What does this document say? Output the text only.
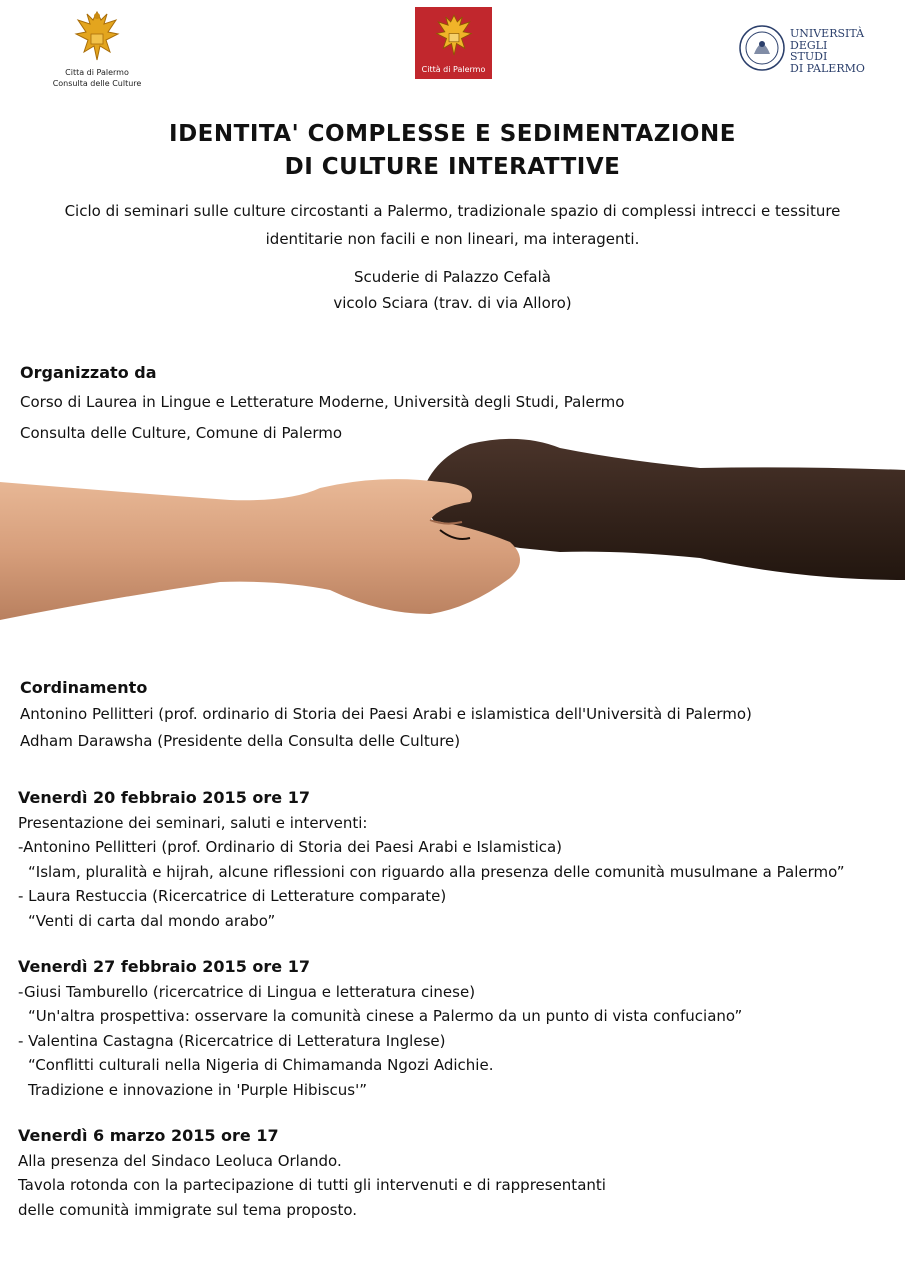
Citta di Palermo
Consulta delle Culture
Città di Palermo
UNIVERSITÀ
DEGLI STUDI
DI PALERMO
IDENTITA' COMPLESSE E SEDIMENTAZIONE
DI CULTURE INTERATTIVE
Ciclo di seminari sulle culture circostanti a Palermo, tradizionale spazio di complessi intrecci e tessiture
identitarie non facili e non lineari, ma interagenti.
Scuderie di Palazzo Cefalà
vicolo Sciara (trav. di via Alloro)
Organizzato da
Corso di Laurea in Lingue e Letterature Moderne, Università degli Studi, Palermo
Consulta delle Culture, Comune di Palermo
Cordinamento
Antonino Pellitteri (prof. ordinario di Storia dei Paesi Arabi e islamistica dell'Università di Palermo)
Adham Darawsha (Presidente della Consulta delle Culture)
Venerdì 20 febbraio 2015 ore 17
Presentazione dei seminari, saluti e interventi:
-Antonino Pellitteri (prof. Ordinario di Storia dei Paesi Arabi e Islamistica)
“Islam, pluralità e hijrah, alcune riflessioni con riguardo alla presenza delle comunità musulmane a Palermo”
- Laura Restuccia (Ricercatrice di Letterature comparate)
“Venti di carta dal mondo arabo”
Venerdì 27 febbraio 2015 ore 17
-Giusi Tamburello (ricercatrice di Lingua e letteratura cinese)
“Un'altra prospettiva: osservare la comunità cinese a Palermo da un punto di vista confuciano”
- Valentina Castagna (Ricercatrice di Letteratura Inglese)
“Conflitti culturali nella Nigeria di Chimamanda Ngozi Adichie.
Tradizione e innovazione in 'Purple Hibiscus'”
Venerdì 6 marzo 2015 ore 17
Alla presenza del Sindaco Leoluca Orlando.
Tavola rotonda con la partecipazione di tutti gli intervenuti e di rappresentanti
delle comunità immigrate sul tema proposto.
